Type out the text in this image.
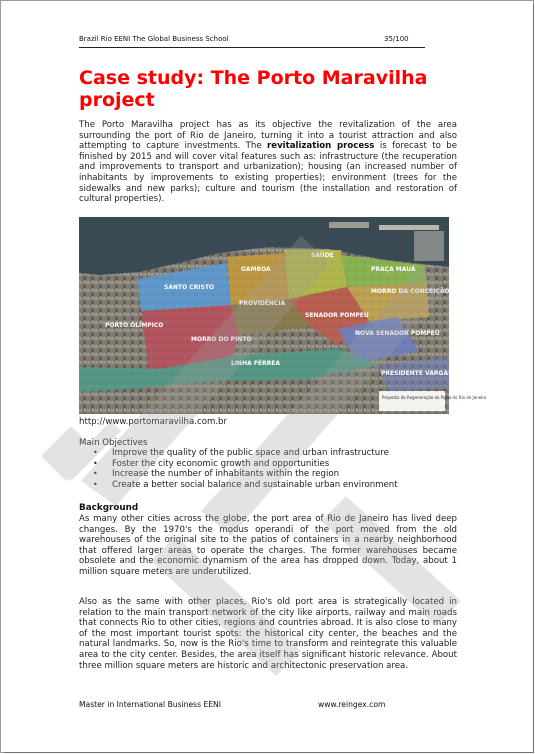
Brazil Rio EENI The Global Business School	35/100
Case study: The Porto Maravilha project

The Porto Maravilha project has as its objective the revitalization of the area surrounding the port of Rio de Janeiro, turning it into a tourist attraction and also attempting to capture investments. The revitalization process is forecast to be finished by 2015 and will cover vital features such as: infrastructure (the recuperation and improvements to transport and urbanization); housing (an increased number of inhabitants by improvements to existing properties); environment (trees for the sidewalks and new parks); culture and tourism (the installation and restoration of cultural properties).

SANTO CRISTO
GAMBOA
SAÚDE
PRAÇA MAUÁ
MORRO DA CONCEIÇÃO
PORTO OLÍMPICO
MORRO DO PINTO
PROVIDÊNCIA
SENADOR POMPEU
LINHA FÉRREA
NOVA SENADOR POMPEU
PRESIDENTE VARGAS
Proposta de Regeneração do Porto do Rio de Janeiro
http://www.portomaravilha.com.br
Main Objectives
• Improve the quality of the public space and urban infrastructure
• Foster the city economic growth and opportunities
• Increase the number of inhabitants within the region
• Create a better social balance and sustainable urban environment
Background

As many other cities across the globe, the port area of Rio de Janeiro has lived deep changes. By the 1970's the modus operandi of the port moved from the old warehouses of the original site to the patios of containers in a nearby neighborhood that offered larger areas to operate the charges. The former warehouses became obsolete and the economic dynamism of the area has dropped down. Today, about 1 million square meters are underutilized.

Also as the same with other places, Rio's old port area is strategically located in relation to the main transport network of the city like airports, railway and main roads that connects Rio to other cities, regions and countries abroad. It is also close to many of the most important tourist spots: the historical city center, the beaches and the natural landmarks. So, now is the Rio's time to transform and reintegrate this valuable area to the city center. Besides, the area itself has significant historic relevance. About three million square meters are historic and architectonic preservation area.

Master in International Business EENI	www.reingex.com
